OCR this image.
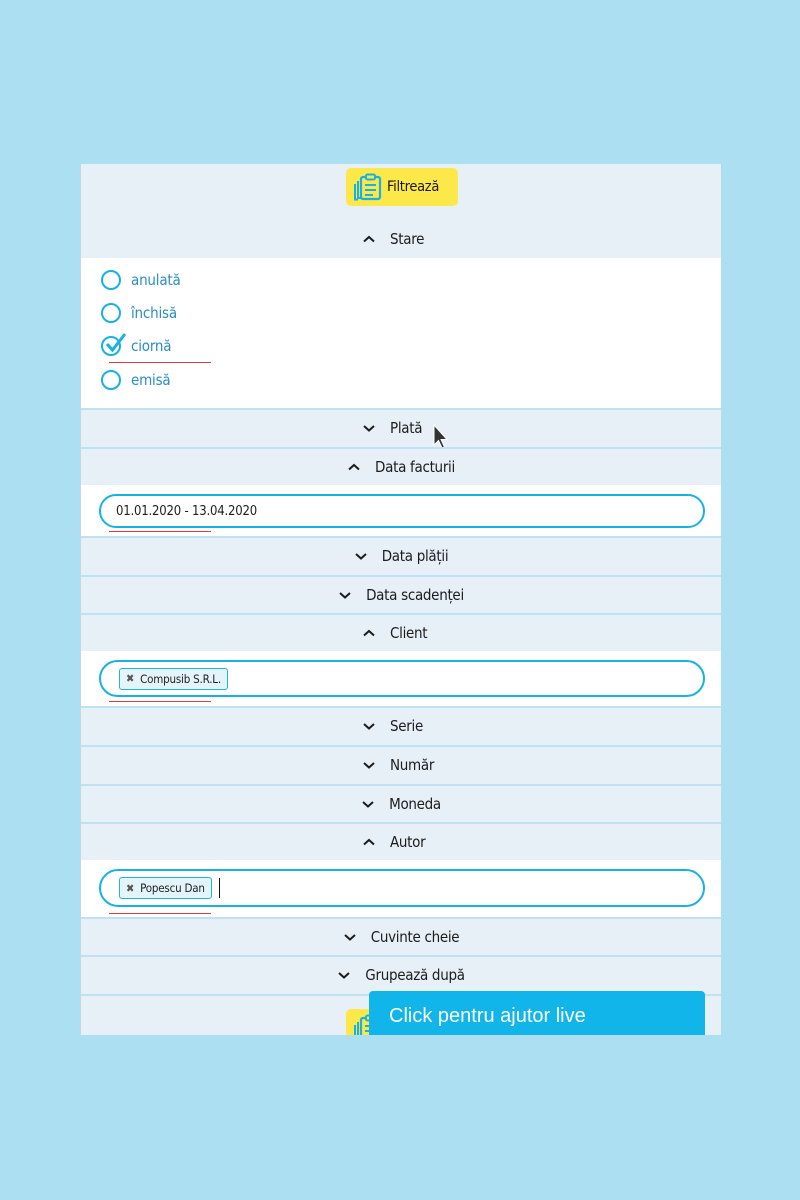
Filtrează
Stare
anulată
închisă
ciornă
emisă
Plată
Data facturii
01.01.2020 - 13.04.2020
Data plății
Data scadenței
Client
✖ Compusib S.R.L.
Serie
Număr
Moneda
Autor
✖ Popescu Dan
Cuvinte cheie
Grupează după
Click pentru ajutor live
